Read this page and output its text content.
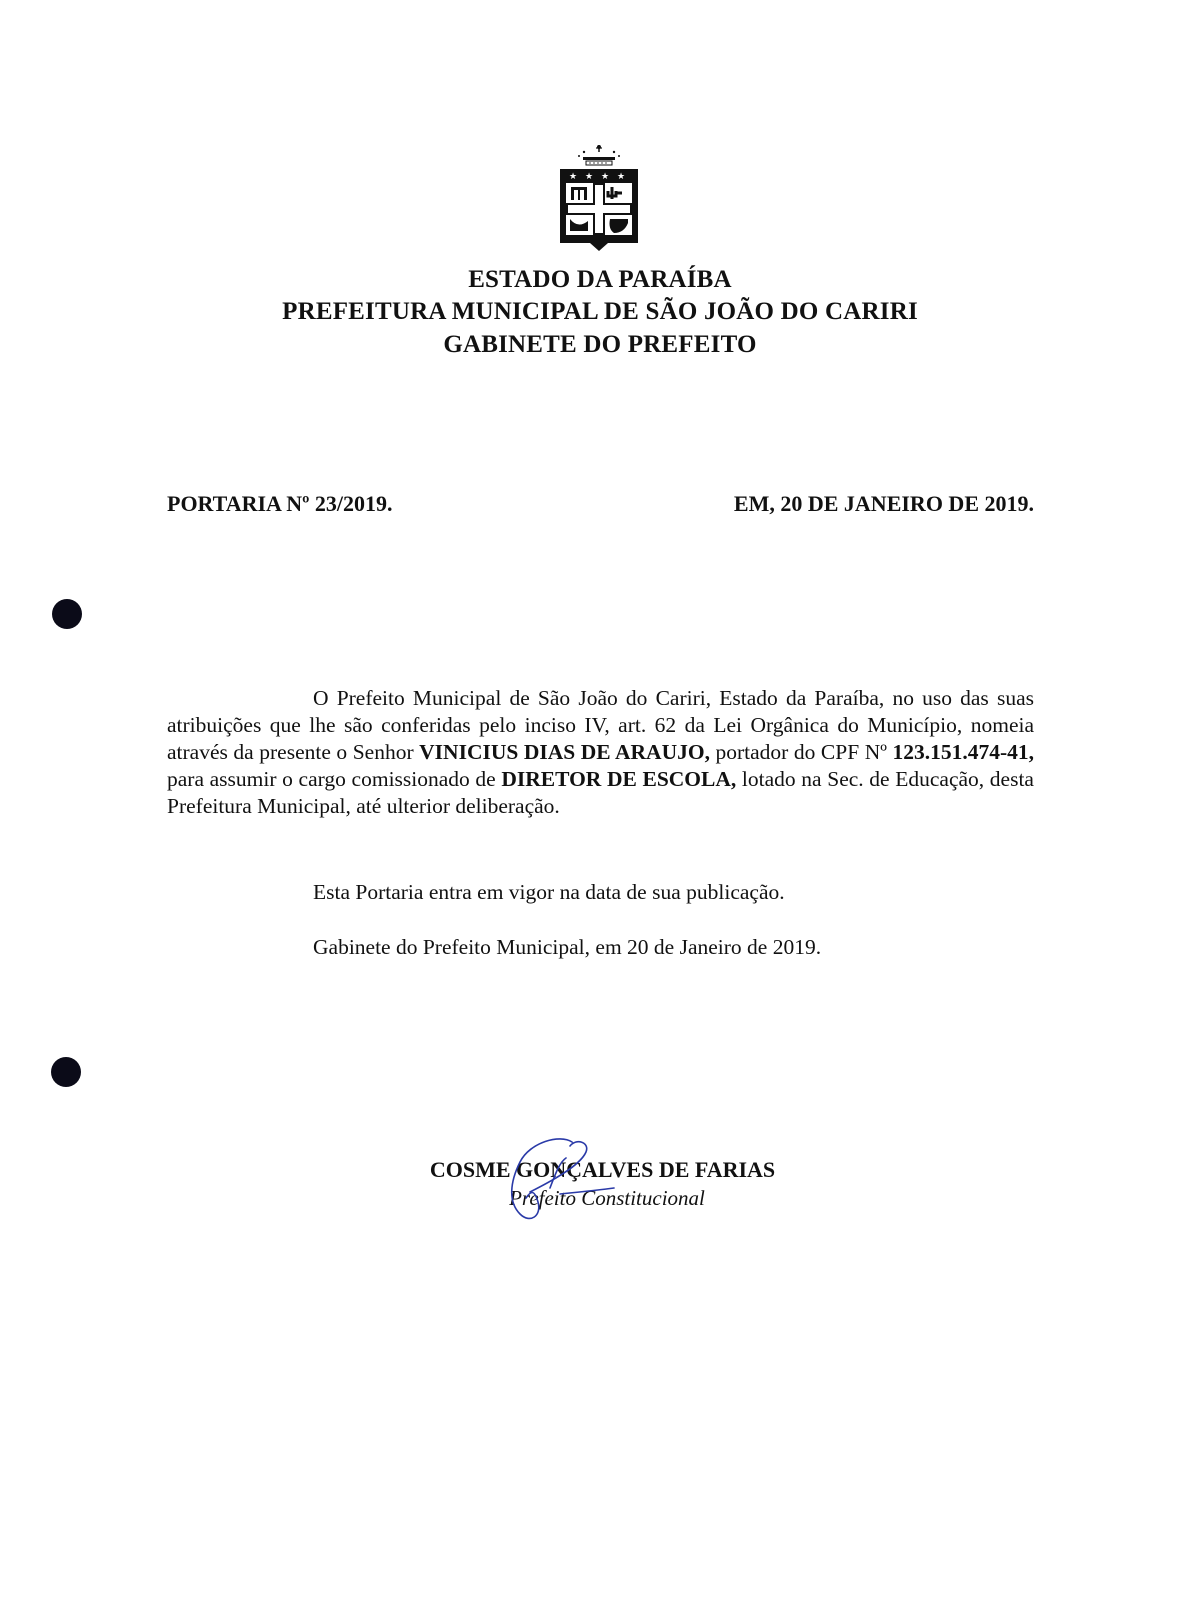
★ ★ ★ ★
ESTADO DA PARAÍBA
PREFEITURA MUNICIPAL DE SÃO JOÃO DO CARIRI
GABINETE DO PREFEITO
PORTARIA Nº 23/2019.	EM, 20 DE JANEIRO DE 2019.
O Prefeito Municipal de São João do Cariri, Estado da Paraíba, no uso das suas atribuições que lhe são conferidas pelo inciso IV, art. 62 da Lei Orgânica do Município, nomeia através da presente o Senhor VINICIUS DIAS DE ARAUJO, portador do CPF Nº 123.151.474-41, para assumir o cargo comissionado de DIRETOR DE ESCOLA, lotado na Sec. de Educação, desta Prefeitura Municipal, até ulterior deliberação.
Esta Portaria entra em vigor na data de sua publicação.
Gabinete do Prefeito Municipal, em 20 de Janeiro de 2019.
COSME GONÇALVES DE FARIAS
Prefeito Constitucional
